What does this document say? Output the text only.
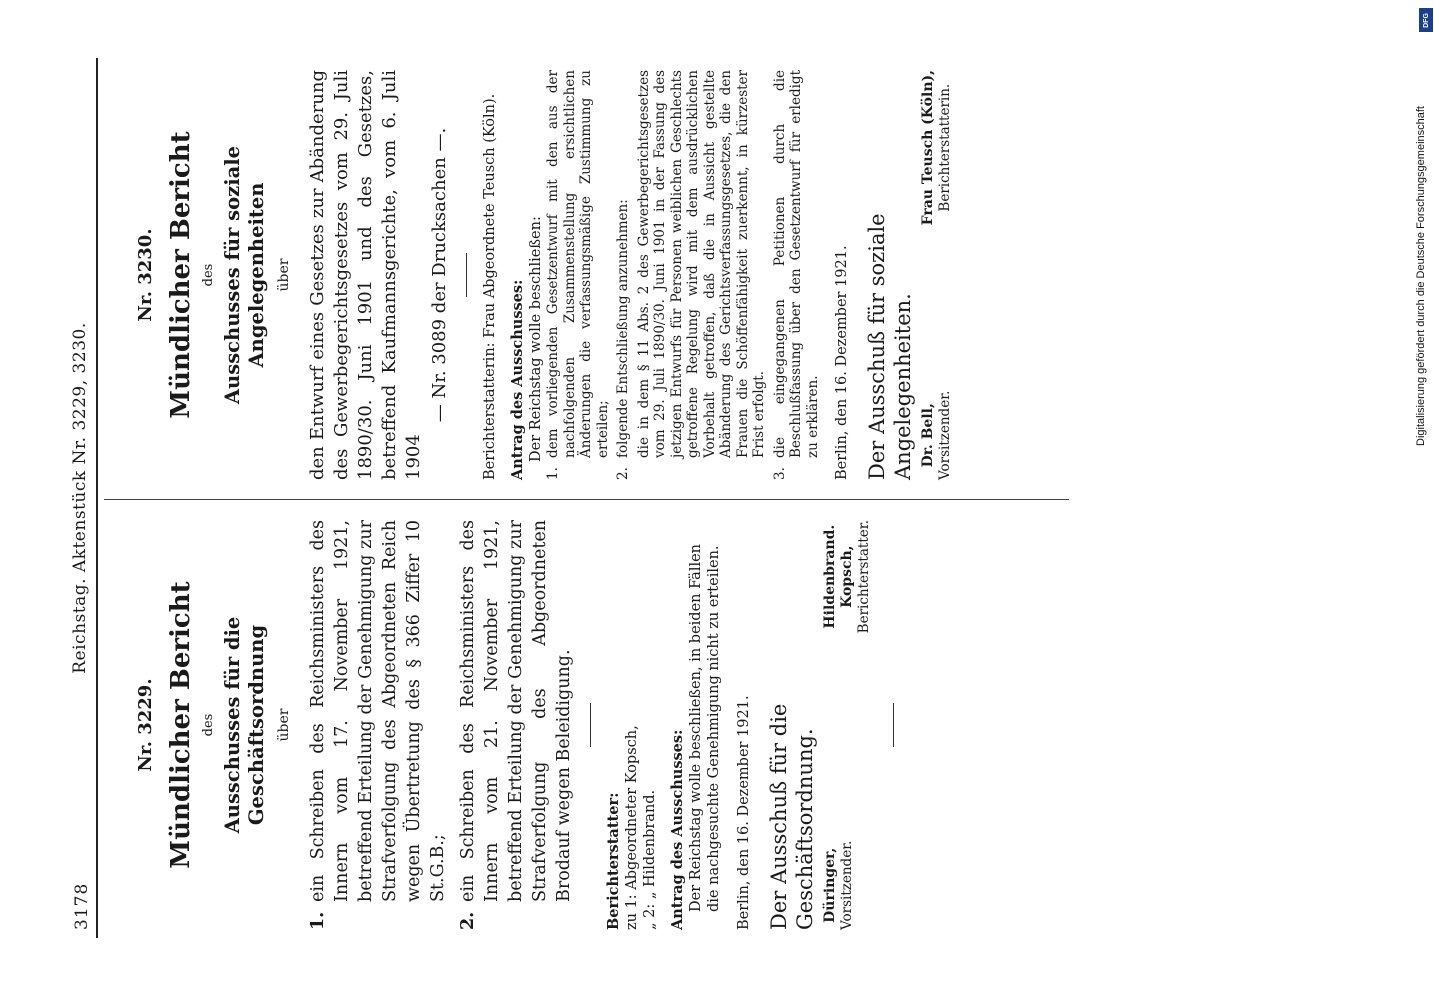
3178
Reichstag. Aktenstück Nr. 3229, 3230.
Nr. 3229. Mündlicher Bericht des Ausschusses für die Geschäftsordnung über
1.
ein Schreiben des Reichsministers des Innern vom 17. November 1921, betreffend Erteilung der Genehmigung zur Strafverfolgung des Abgeordneten Reich wegen Übertretung des § 366 Ziffer 10 St.G.B.;
2.
ein Schreiben des Reichsministers des Innern vom 21. November 1921, betreffend Erteilung der Genehmigung zur Strafverfolgung des Abgeordneten Brodauf wegen Beleidigung. Berichterstatter: zu 1: Abgeordneter Kopsch, „ 2: „ Hildenbrand. Antrag des Ausschusses: Der Reichstag wolle beschließen, in beiden Fällen die nachgesuchte Genehmigung nicht zu erteilen. Berlin, den 16. Dezember 1921. Der Ausschuß für die Geschäftsordnung. Düringer, Vorsitzender.
Hildenbrand. Kopsch, Berichterstatter.
Nr. 3230. Mündlicher Bericht des Ausschusses für soziale Angelegenheiten über den Entwurf eines Gesetzes zur Abänderung des Gewerbegerichtsgesetzes vom 29. Juli 1890/30. Juni 1901 und des Gesetzes, betreffend Kaufmannsgerichte, vom 6. Juli 1904
— Nr. 3089 der Drucksachen —. Berichterstatterin: Frau Abgeordnete Teusch (Köln). Antrag des Ausschusses: Der Reichstag wolle beschließen:
1.
dem vorliegenden Gesetzentwurf mit den aus der nachfolgenden Zusammenstellung ersichtlichen Änderungen die verfassungsmäßige Zustimmung zu erteilen;
2.
folgende Entschließung anzunehmen: die in dem § 11 Abs. 2 des Gewerbegerichtsgesetzes vom 29. Juli 1890/30. Juni 1901 in der Fassung des jetzigen Entwurfs für Personen weiblichen Geschlechts getroffene Regelung wird mit dem ausdrücklichen Vorbehalt getroffen, daß die in Aussicht gestellte Abänderung des Gerichtsverfassungsgesetzes, die den Frauen die Schöffenfähigkeit zuerkennt, in kürzester Frist erfolgt.
3.
die eingegangenen Petitionen durch die Beschlußfassung über den Gesetzentwurf für erledigt zu erklären. Berlin, den 16. Dezember 1921. Der Ausschuß für soziale Angelegenheiten. Dr. Bell, Vorsitzender.
Frau Teusch (Köln), Berichterstatterin.	Digitalisierung gefördert durch die Deutsche Forschungsgemeinschaft
DFG
